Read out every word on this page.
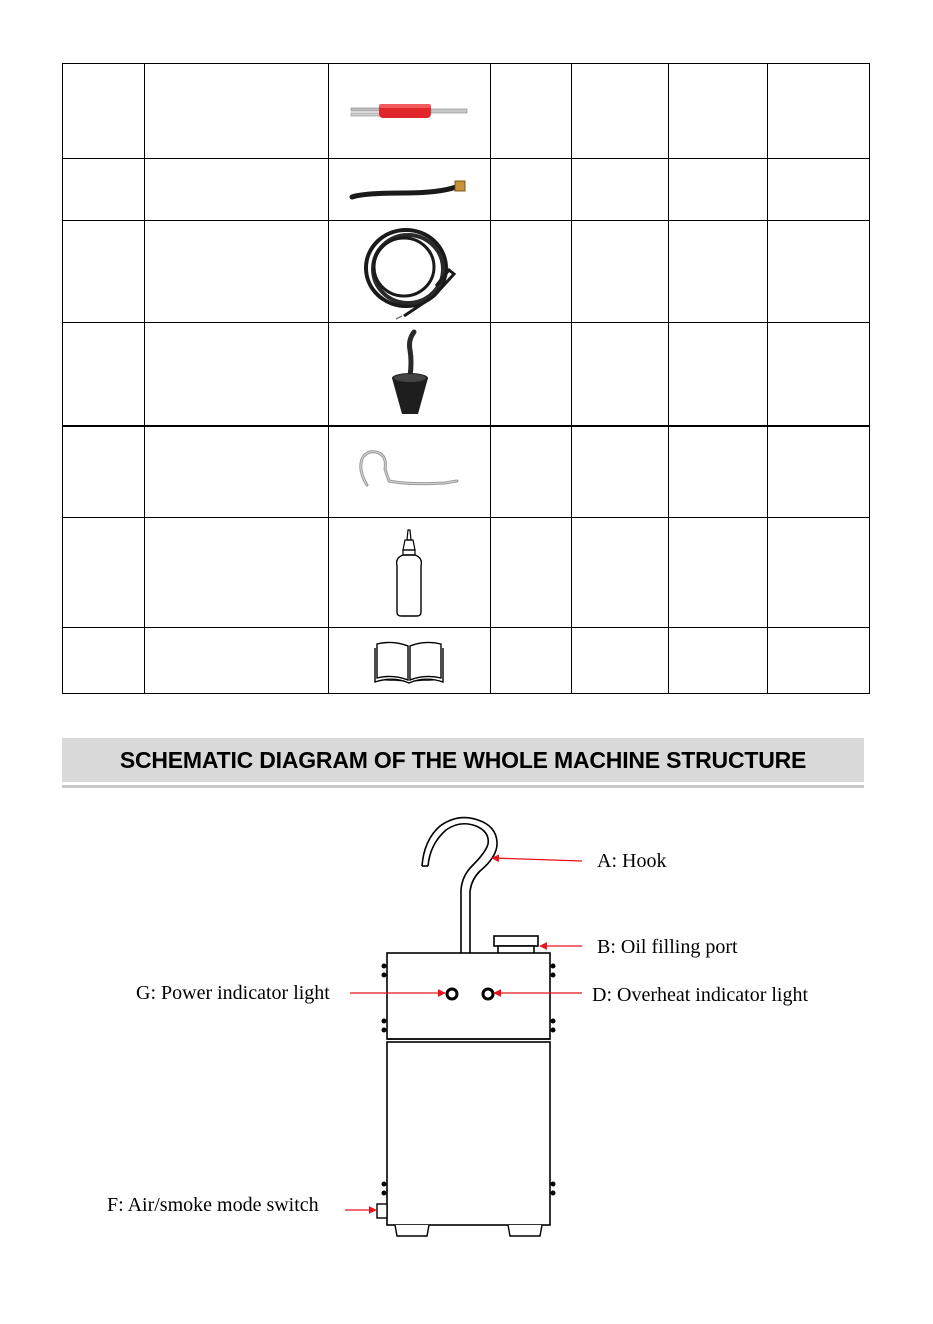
SCHEMATIC DIAGRAM OF THE WHOLE MACHINE STRUCTURE
A: Hook
B: Oil filling port
G: Power indicator light	D: Overheat indicator light
F: Air/smoke mode switch
